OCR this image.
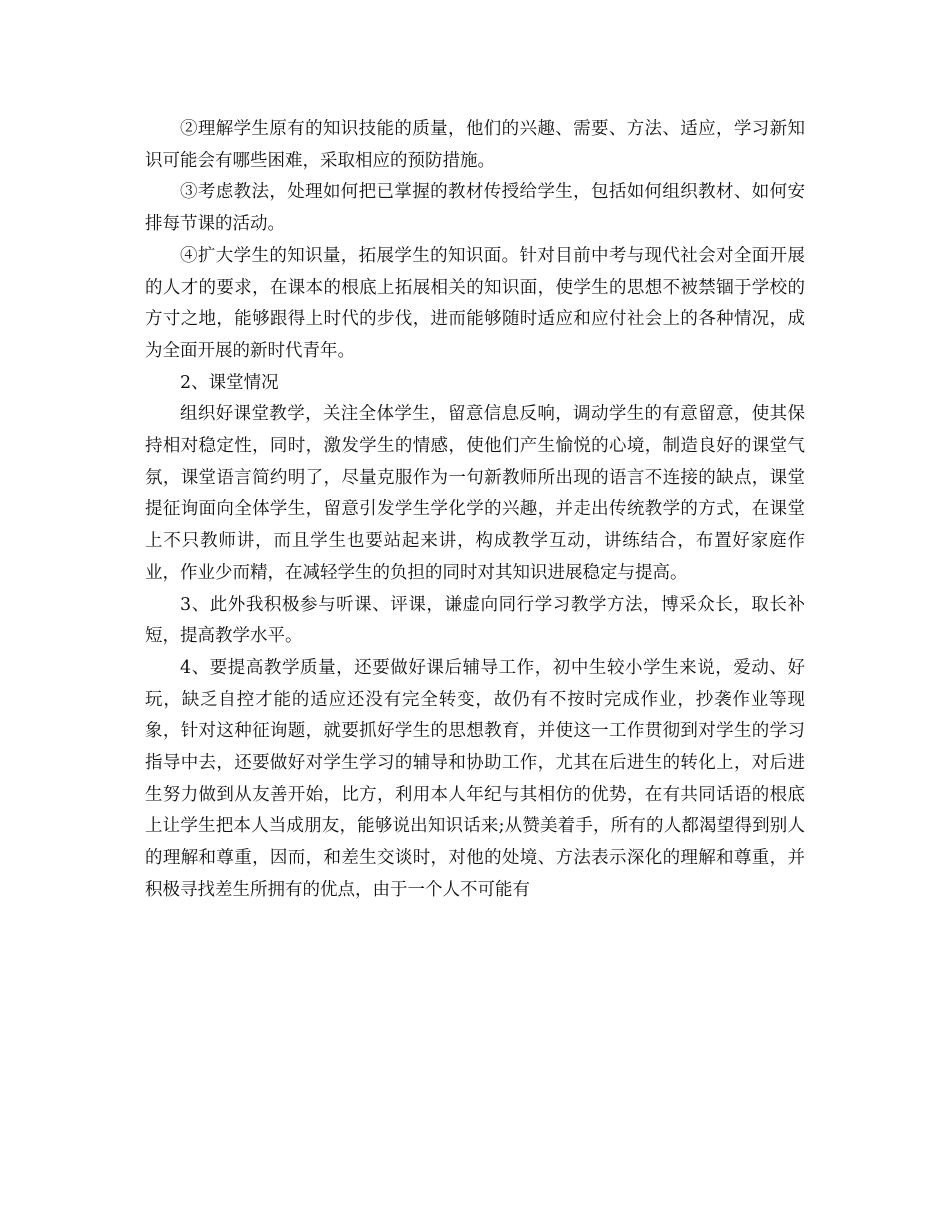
②理解学生原有的知识技能的质量，他们的兴趣、需要、方法、适应，学习新知识可能会有哪些困难，采取相应的预防措施。

③考虑教法，处理如何把已掌握的教材传授给学生，包括如何组织教材、如何安排每节课的活动。

④扩大学生的知识量，拓展学生的知识面。针对目前中考与现代社会对全面开展的人才的要求，在课本的根底上拓展相关的知识面，使学生的思想不被禁锢于学校的方寸之地，能够跟得上时代的步伐，进而能够随时适应和应付社会上的各种情况，成为全面开展的新时代青年。

2、课堂情况

组织好课堂教学，关注全体学生，留意信息反响，调动学生的有意留意，使其保持相对稳定性，同时，激发学生的情感，使他们产生愉悦的心境，制造良好的课堂气氛，课堂语言简约明了，尽量克服作为一句新教师所出现的语言不连接的缺点，课堂提征询面向全体学生，留意引发学生学化学的兴趣，并走出传统教学的方式，在课堂上不只教师讲，而且学生也要站起来讲，构成教学互动，讲练结合，布置好家庭作业，作业少而精，在减轻学生的负担的同时对其知识进展稳定与提高。

3、此外我积极参与听课、评课，谦虚向同行学习教学方法，博采众长，取长补短，提高教学水平。

4、要提高教学质量，还要做好课后辅导工作，初中生较小学生来说，爱动、好玩，缺乏自控才能的适应还没有完全转变，故仍有不按时完成作业，抄袭作业等现象，针对这种征询题，就要抓好学生的思想教育，并使这一工作贯彻到对学生的学习指导中去，还要做好对学生学习的辅导和协助工作，尤其在后进生的转化上，对后进生努力做到从友善开始，比方，利用本人年纪与其相仿的优势，在有共同话语的根底上让学生把本人当成朋友，能够说出知识话来;从赞美着手，所有的人都渴望得到别人的理解和尊重，因而，和差生交谈时，对他的处境、方法表示深化的理解和尊重，并积极寻找差生所拥有的优点，由于一个人不可能有
